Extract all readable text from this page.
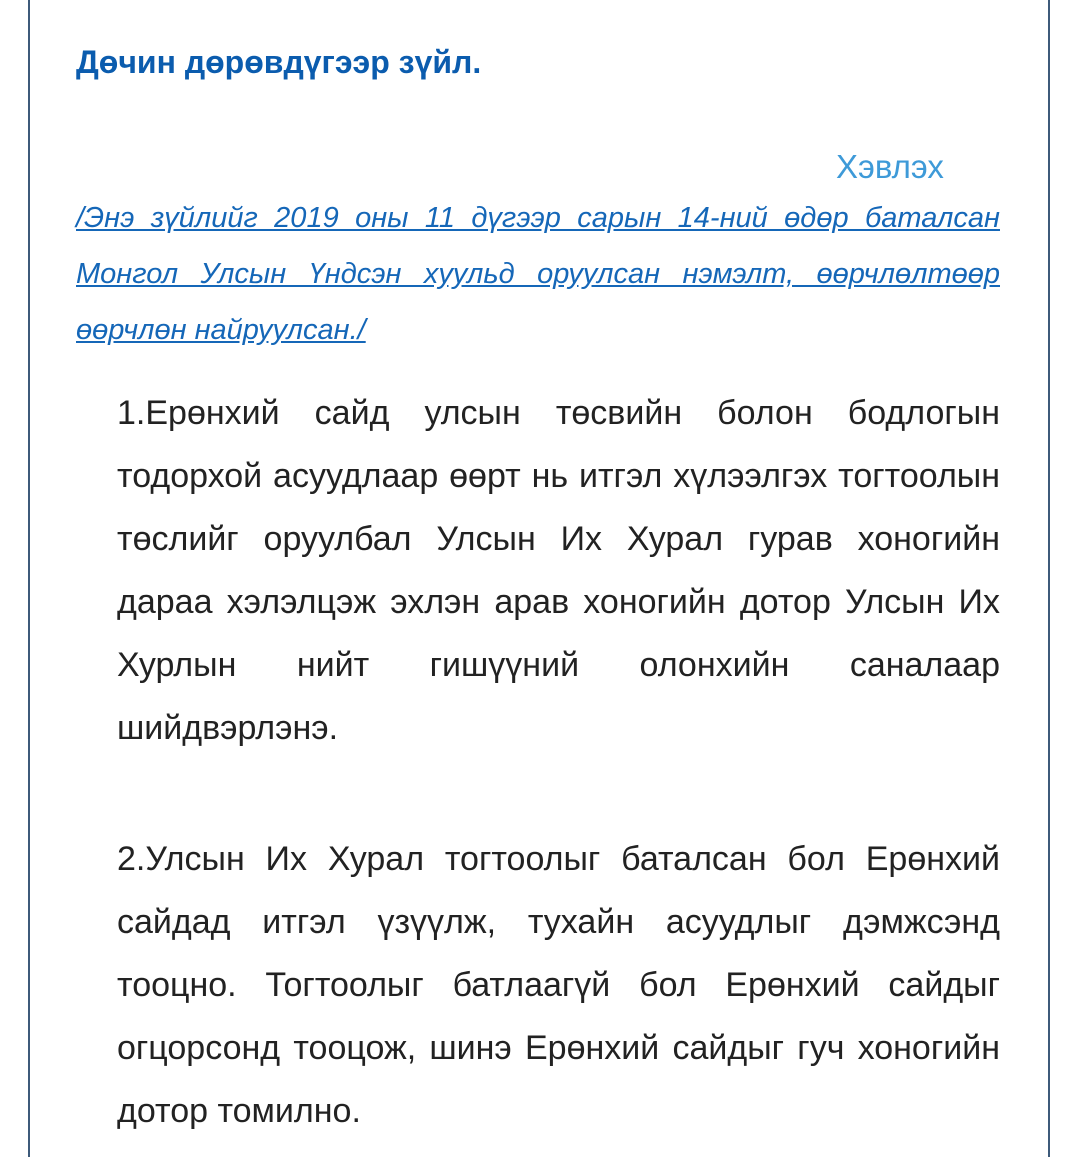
Дөчин дөрөвдүгээр зүйл.
Хэвлэх

/Энэ зүйлийг 2019 оны 11 дүгээр сарын 14-ний өдөр баталсан Монгол Улсын Үндсэн хуульд оруулсан нэмэлт, өөрчлөлтөөр өөрчлөн найруулсан./

1.Ерөнхий сайд улсын төсвийн болон бодлогын тодорхой асуудлаар өөрт нь итгэл хүлээлгэх тогтоолын төслийг оруулбал Улсын Их Хурал гурав хоногийн дараа хэлэлцэж эхлэн арав хоногийн дотор Улсын Их Хурлын нийт гишүүний олонхийн саналаар шийдвэрлэнэ.

2.Улсын Их Хурал тогтоолыг баталсан бол Ерөнхий сайдад итгэл үзүүлж, тухайн асуудлыг дэмжсэнд тооцно. Тогтоолыг батлаагүй бол Ерөнхий сайдыг огцорсонд тооцож, шинэ Ерөнхий сайдыг гуч хоногийн дотор томилно.
